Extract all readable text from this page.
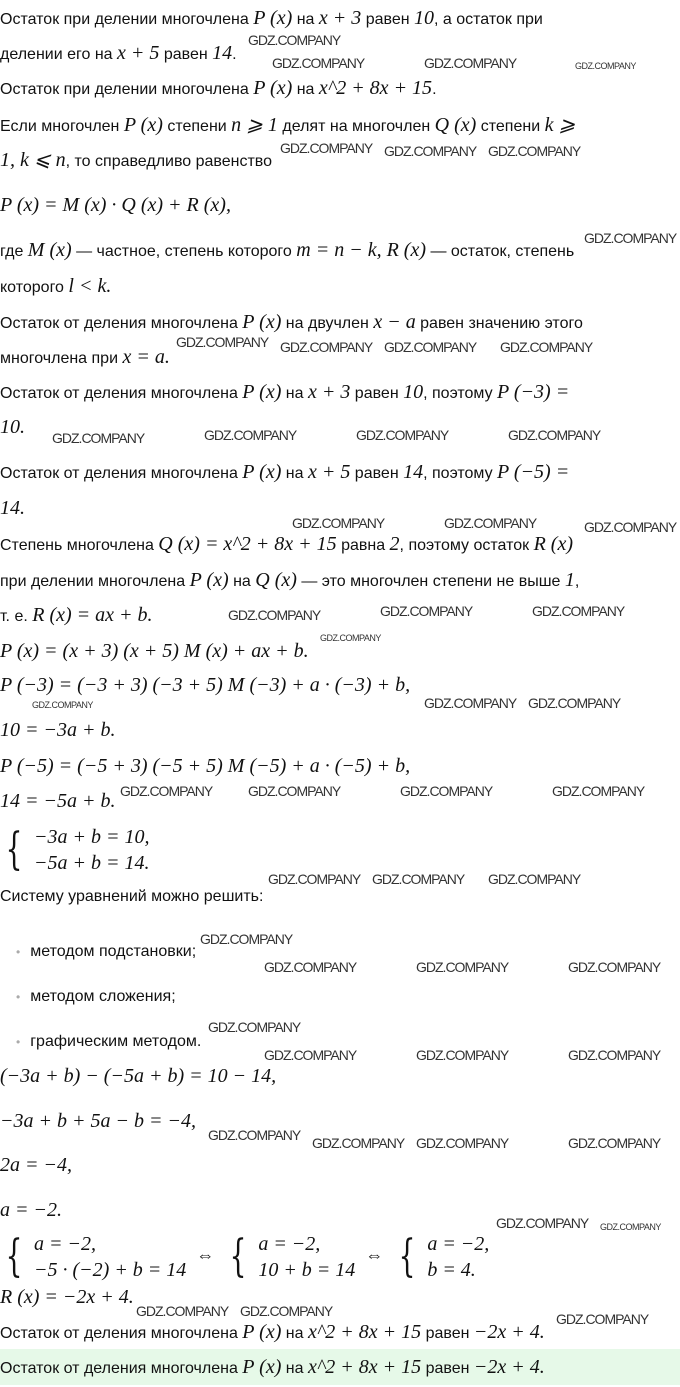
Остаток при делении многочлена P (x) на x + 3 равен 10, а остаток при
делении его на x + 5 равен 14.
Остаток при делении многочлена P (x) на x^2 + 8x + 15.
Если многочлен P (x) степени n ⩾ 1 делят на многочлен Q (x) степени k ⩾
1, k ⩽ n, то справедливо равенство
P (x) = M (x) · Q (x) + R (x),
где M (x) — частное, степень которого m = n − k, R (x) — остаток, степень
которого l < k.
Остаток от деления многочлена P (x) на двучлен x − a равен значению этого
многочлена при x = a.
Остаток от деления многочлена P (x) на x + 3 равен 10, поэтому P (−3) =
10.
Остаток от деления многочлена P (x) на x + 5 равен 14, поэтому P (−5) =
14.
Степень многочлена Q (x) = x^2 + 8x + 15 равна 2, поэтому остаток R (x)
при делении многочлена P (x) на Q (x) — это многочлен степени не выше 1,
т. е. R (x) = ax + b.
P (x) = (x + 3) (x + 5) M (x) + ax + b.
P (−3) = (−3 + 3) (−3 + 5) M (−3) + a · (−3) + b,
10 = −3a + b.
P (−5) = (−5 + 3) (−5 + 5) M (−5) + a · (−5) + b,
14 = −5a + b.
{ −3a + b = 10,
−5a + b = 14.
Систему уравнений можно решить:
• методом подстановки;
• методом сложения;
• графическим методом.
(−3a + b) − (−5a + b) = 10 − 14,
−3a + b + 5a − b = −4,
2a = −4,
a = −2.
{ a = −2,
−5 · (−2) + b = 14
⇔ { a = −2,
10 + b = 14
⇔ { a = −2,
b = 4.
R (x) = −2x + 4.
Остаток от деления многочлена P (x) на x^2 + 8x + 15 равен −2x + 4.
Остаток от деления многочлена P (x) на x^2 + 8x + 15 равен −2x + 4.
GDZ.COMPANY
GDZ.COMPANY	GDZ.COMPANY	GDZ.COMPANY
GDZ.COMPANY GDZ.COMPANY GDZ.COMPANY
GDZ.COMPANY
GDZ.COMPANY GDZ.COMPANY GDZ.COMPANY GDZ.COMPANY
GDZ.COMPANY	GDZ.COMPANY	GDZ.COMPANY	GDZ.COMPANY
GDZ.COMPANY
GDZ.COMPANY	GDZ.COMPANY
GDZ.COMPANY	GDZ.COMPANY	GDZ.COMPANY
GDZ.COMPANY
GDZ.COMPANY	GDZ.COMPANY GDZ.COMPANY
GDZ.COMPANY	GDZ.COMPANY	GDZ.COMPANY	GDZ.COMPANY
GDZ.COMPANY GDZ.COMPANY GDZ.COMPANY
GDZ.COMPANY
GDZ.COMPANY	GDZ.COMPANY	GDZ.COMPANY
GDZ.COMPANY
GDZ.COMPANY	GDZ.COMPANY	GDZ.COMPANY
GDZ.COMPANY GDZ.COMPANY GDZ.COMPANY	GDZ.COMPANY
GDZ.COMPANY GDZ.COMPANY
GDZ.COMPANY GDZ.COMPANY	GDZ.COMPANY
